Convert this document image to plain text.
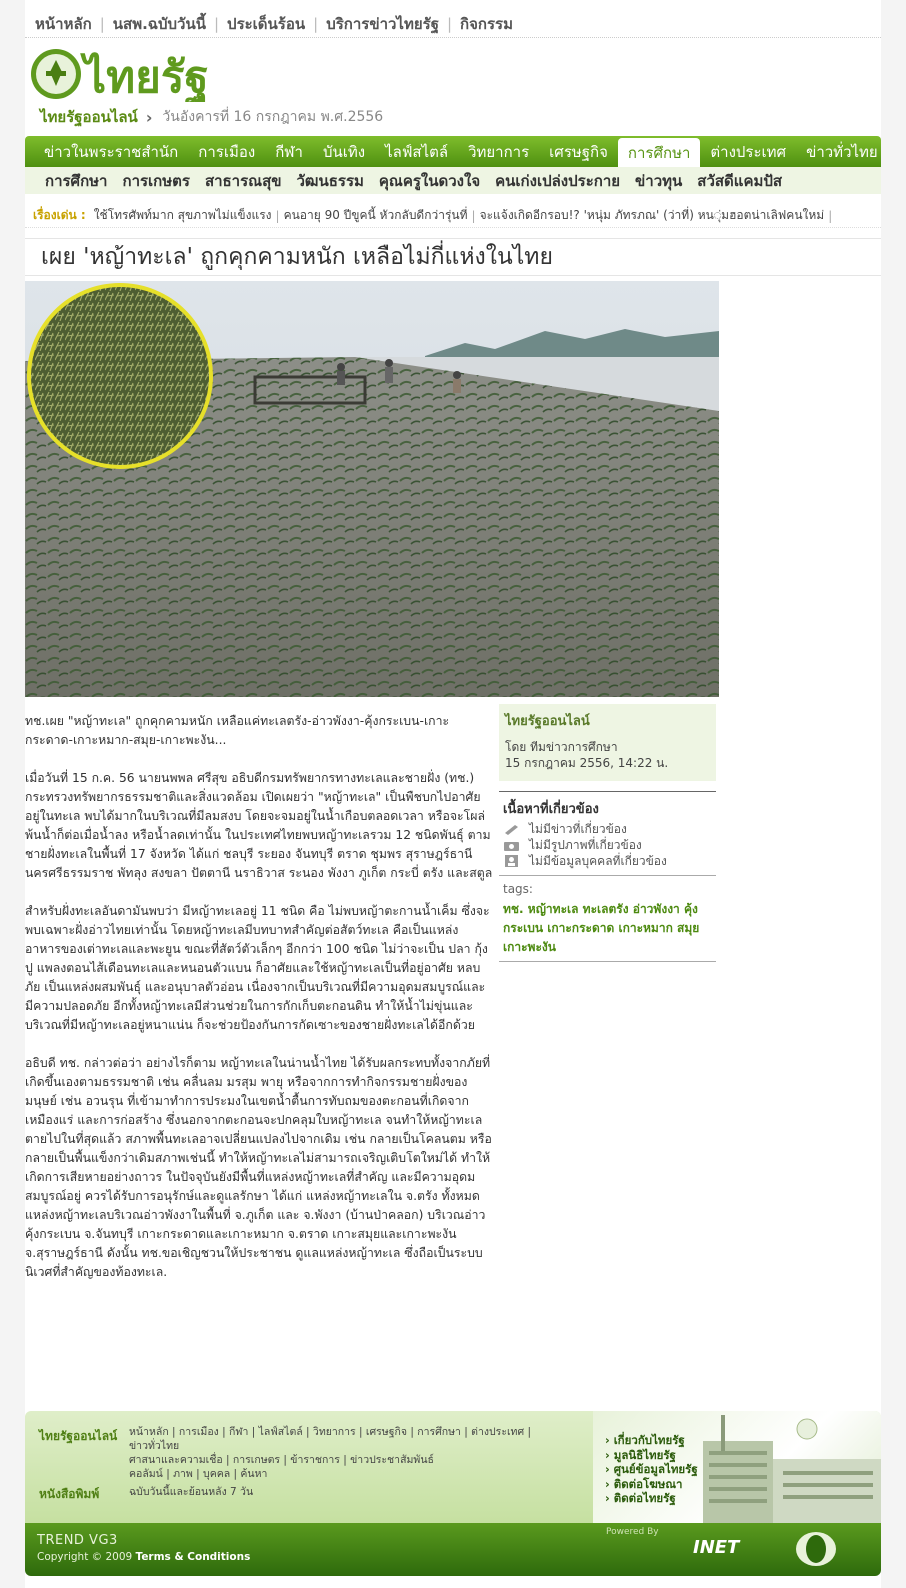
หน้าหลัก | นสพ.ฉบับวันนี้ | ประเด็นร้อน | บริการข่าวไทยรัฐ | กิจกรรม
ไทยรัฐ
ไทยรัฐออนไลน์ › วันอังคารที่ 16 กรกฎาคม พ.ศ.2556
ข่าวในพระราชสำนัก	การเมือง	กีฬา	บันเทิง	ไลฟ์สไตล์	วิทยาการ	เศรษฐกิจ	การศึกษา	ต่างประเทศ	ข่าวทั่วไทย
การศึกษา การเกษตร สาธารณสุข วัฒนธรรม คุณครูในดวงใจ คนเก่งเปล่งประกาย ข่าวทุน สวัสดีแคมปัส
เรื่องเด่น : ใช้โทรศัพท์มาก สุขภาพไม่แข็งแรง | คนอายุ 90 ปีขูคนี้ หัวกลับดีกว่ารุ่นที่ | จะแจ้งเกิดอีกรอบ!? 'หนุ่ม ภัทรภณ' (ว่าที่) หน◌ุ่มฮอตน่าเลิฟคนใหม่ |
เผย 'หญ้าทะเล' ถูกคุกคามหนัก เหลือไม่กี่แห่งในไทย

ทช.เผย "หญ้าทะเล" ถูกคุกคามหนัก เหลือแค่ทะเลตรัง-อ่าวพังงา-คุ้งกระเบน-เกาะกระดาด-เกาะหมาก-สมุย-เกาะพะงัน...

เมื่อวันที่ 15 ก.ค. 56 นายนพพล ศรีสุข อธิบดีกรมทรัพยากรทางทะเลและชายฝั่ง (ทช.) กระทรวงทรัพยากรธรรมชาติและสิ่งแวดล้อม เปิดเผยว่า "หญ้าทะเล" เป็นพืชบกไปอาศัยอยู่ในทะเล พบได้มากในบริเวณที่มีลมสงบ โดยจะจมอยู่ในน้ำเกือบตลอดเวลา หรือจะโผล่พ้นน้ำก็ต่อเมื่อน้ำลง หรือน้ำลดเท่านั้น ในประเทศไทยพบหญ้าทะเลรวม 12 ชนิดพันธุ์ ตามชายฝั่งทะเลในพื้นที่ 17 จังหวัด ได้แก่ ชลบุรี ระยอง จันทบุรี ตราด ชุมพร สุราษฎร์ธานี นครศรีธรรมราช พัทลุง สงขลา ปัตตานี นราธิวาส ระนอง พังงา ภูเก็ต กระบี่ ตรัง และสตูล

สำหรับฝั่งทะเลอันดามันพบว่า มีหญ้าทะเลอยู่ 11 ชนิด คือ ไม่พบหญ้าตะกานน้ำเค็ม ซึ่งจะพบเฉพาะฝั่งอ่าวไทยเท่านั้น โดยหญ้าทะเลมีบทบาทสำคัญต่อสัตว์ทะเล คือเป็นแหล่งอาหารของเต่าทะเลและพะยูน ขณะที่สัตว์ตัวเล็กๆ อีกกว่า 100 ชนิด ไม่ว่าจะเป็น ปลา กุ้ง ปู แพลงตอนไส้เดือนทะเลและหนอนตัวแบน ก็อาศัยและใช้หญ้าทะเลเป็นที่อยู่อาศัย หลบภัย เป็นแหล่งผสมพันธุ์ และอนุบาลตัวอ่อน เนื่องจากเป็นบริเวณที่มีความอุดมสมบูรณ์และมีความปลอดภัย อีกทั้งหญ้าทะเลมีส่วนช่วยในการกักเก็บตะกอนดิน ทำให้น้ำไม่ขุ่นและบริเวณที่มีหญ้าทะเลอยู่หนาแน่น ก็จะช่วยป้องกันการกัดเซาะของชายฝั่งทะเลได้อีกด้วย

อธิบดี ทช. กล่าวต่อว่า อย่างไรก็ตาม หญ้าทะเลในน่านน้ำไทย ได้รับผลกระทบทั้งจากภัยที่เกิดขึ้นเองตามธรรมชาติ เช่น คลื่นลม มรสุม พายุ หรือจากการทำกิจกรรมชายฝั่งของมนุษย์ เช่น อวนรุน ที่เข้ามาทำการประมงในเขตน้ำตื้นการทับถมของตะกอนที่เกิดจากเหมืองแร่ และการก่อสร้าง ซึ่งนอกจากตะกอนจะปกคลุมใบหญ้าทะเล จนทำให้หญ้าทะเลตายไปในที่สุดแล้ว สภาพพื้นทะเลอาจเปลี่ยนแปลงไปจากเดิม เช่น กลายเป็นโคลนตม หรือกลายเป็นพื้นแข็งกว่าเดิมสภาพเช่นนี้ ทำให้หญ้าทะเลไม่สามารถเจริญเติบโตใหม่ได้ ทำให้เกิดการเสียหายอย่างถาวร ในปัจจุบันยังมีพื้นที่แหล่งหญ้าทะเลที่สำคัญ และมีความอุดมสมบูรณ์อยู่ ควรได้รับการอนุรักษ์และดูแลรักษา ได้แก่ แหล่งหญ้าทะเลใน จ.ตรัง ทั้งหมด แหล่งหญ้าทะเลบริเวณอ่าวพังงาในพื้นที่ จ.ภูเก็ต และ จ.พังงา (บ้านป่าคลอก) บริเวณอ่าวคุ้งกระเบน จ.จันทบุรี เกาะกระดาดและเกาะหมาก จ.ตราด เกาะสมุยและเกาะพะงัน จ.สุราษฎร์ธานี ดังนั้น ทช.ขอเชิญชวนให้ประชาชน ดูแลแหล่งหญ้าทะเล ซึ่งถือเป็นระบบนิเวศที่สำคัญของท้องทะเล.

ไทยรัฐออนไลน์
โดย ทีมข่าวการศึกษา
15 กรกฎาคม 2556, 14:22 น.
เนื้อหาที่เกี่ยวข้อง
ไม่มีข่าวที่เกี่ยวข้อง
ไม่มีรูปภาพที่เกี่ยวข้อง
ไม่มีข้อมูลบุคคลที่เกี่ยวข้อง
tags:
ทช. หญ้าทะเล ทะเลตรัง อ่าวพังงา คุ้งกระเบน เกาะกระดาด เกาะหมาก สมุย เกาะพะงัน
ไทยรัฐออนไลน์ หน้าหลัก | การเมือง | กีฬา | ไลฟ์สไตล์ | วิทยาการ | เศรษฐกิจ | การศึกษา | ต่างประเทศ | ข่าวทั่วไทย
ศาสนาและความเชื่อ | การเกษตร | ข้าราชการ | ข่าวประชาสัมพันธ์
คอลัมน์ | ภาพ | บุคคล | ค้นหา
หนังสือพิมพ์	ฉบับวันนี้และย้อนหลัง 7 วัน
› เกี่ยวกับไทยรัฐ
› มูลนิธิไทยรัฐ
› ศูนย์ข้อมูลไทยรัฐ
› ติดต่อโฆษณา
› ติดต่อไทยรัฐ
TREND VG3
Copyright © 2009 Terms & Conditions
Powered By
INET
